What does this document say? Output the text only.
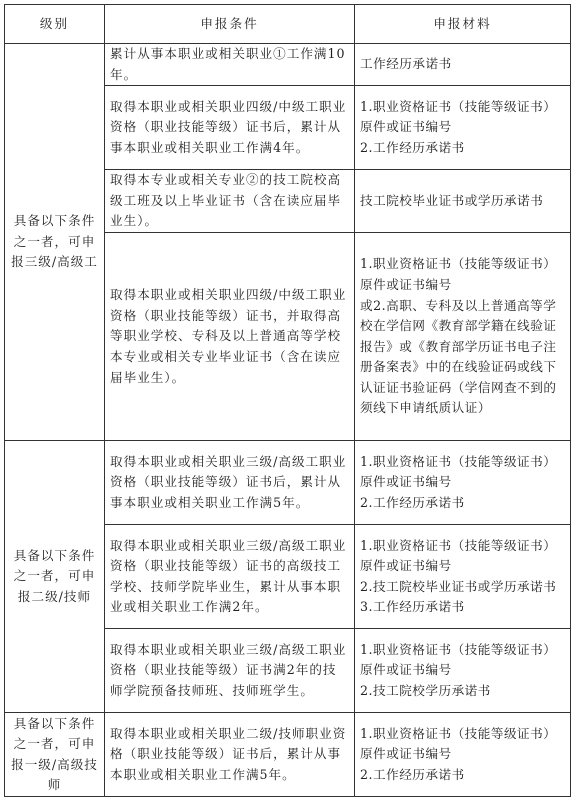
级别	申报条件	申报材料
具备以下条件之一者，可申报三级/高级工	累计从事本职业或相关职业①工作满10年。	工作经历承诺书

	取得本职业或相关职业四级/中级工职业资格（职业技能等级）证书后，累计从事本职业或相关职业工作满4年。	1.职业资格证书（技能等级证书）原件或证书编号
2.工作经历承诺书

	取得本专业或相关专业②的技工院校高级工班及以上毕业证书（含在读应届毕业生）。	技工院校毕业证书或学历承诺书

	取得本职业或相关职业四级/中级工职业资格（职业技能等级）证书，并取得高等职业学校、专科及以上普通高等学校本专业或相关专业毕业证书（含在读应届毕业生）。	1.职业资格证书（技能等级证书）原件或证书编号
或2.高职、专科及以上普通高等学校在学信网《教育部学籍在线验证报告》或《教育部学历证书电子注册备案表》中的在线验证码或线下认证证书验证码（学信网查不到的须线下申请纸质认证）

具备以下条件之一者，可申报二级/技师	取得本职业或相关职业三级/高级工职业资格（职业技能等级）证书后，累计从事本职业或相关职业工作满5年。	1.职业资格证书（技能等级证书）原件或证书编号
2.工作经历承诺书

	取得本职业或相关职业三级/高级工职业资格（职业技能等级）证书的高级技工学校、技师学院毕业生，累计从事本职业或相关职业工作满2年。	1.职业资格证书（技能等级证书）原件或证书编号
2.技工院校毕业证书或学历承诺书
3.工作经历承诺书

	取得本职业或相关职业三级/高级工职业资格（职业技能等级）证书满2年的技师学院预备技师班、技师班学生。	1.职业资格证书（技能等级证书）原件或证书编号
2.技工院校学历承诺书

具备以下条件之一者，可申报一级/高级技师	取得本职业或相关职业二级/技师职业资格（职业技能等级）证书后，累计从事本职业或相关职业工作满5年。	1.职业资格证书（技能等级证书）原件或证书编号
2.工作经历承诺书
